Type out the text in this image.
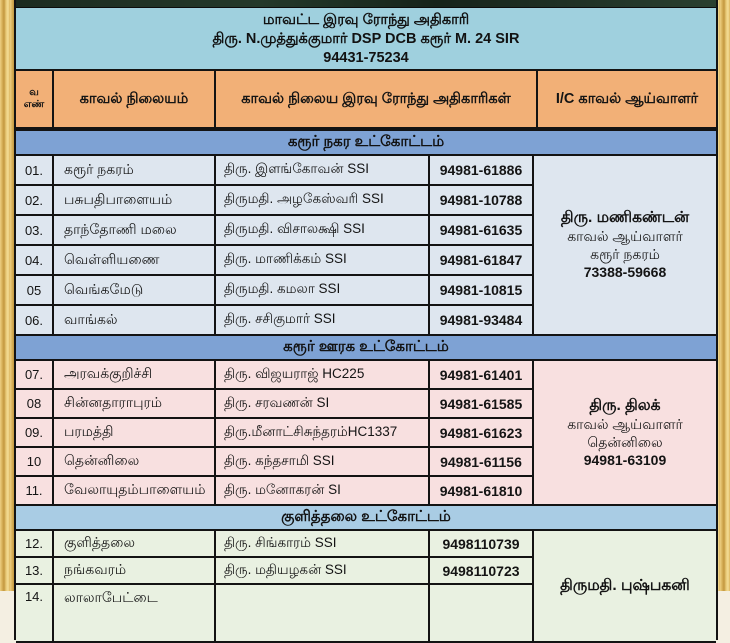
மாவட்ட இரவு ரோந்து அதிகாரி
திரு. N.முத்துக்குமார் DSP DCB கரூர் M. 24 SIR
94431-75234
வ
எண்	காவல் நிலையம்	காவல் நிலைய இரவு ரோந்து அதிகாரிகள்	I/C காவல் ஆய்வாளர்
கரூர் நகர உட்கோட்டம்
01.	கரூர் நகரம்	திரு. இளங்கோவன் SSI	94981-61886
திரு. மணிகண்டன்
காவல் ஆய்வாளர்
கரூர் நகரம்
73388-59668
02.	பசுபதிபாளையம்	திருமதி. அழகேஸ்வரி SSI	94981-10788
03.	தாந்தோணி மலை	திருமதி. விசாலக்ஷி SSI	94981-61635
04.	வெள்ளியணை	திரு. மாணிக்கம் SSI	94981-61847
05	வெங்கமேடு	திருமதி. கமலா SSI	94981-10815
06.	வாங்கல்	திரு. சசிகுமார் SSI	94981-93484
கரூர் ஊரக உட்கோட்டம்
07.	அரவக்குறிச்சி	திரு. விஜயராஜ் HC225	94981-61401
திரு. திலக்
காவல் ஆய்வாளர்
தென்னிலை
94981-63109
08	சின்னதாராபுரம்	திரு. சரவணன் SI	94981-61585
09.	பரமத்தி	திரு.மீனாட்சிசுந்தரம்HC1337	94981-61623
10	தென்னிலை	திரு. கந்தசாமி SSI	94981-61156
11.	வேலாயுதம்பாளையம்	திரு. மனோகரன் SI	94981-61810
குளித்தலை உட்கோட்டம்
12.	குளித்தலை	திரு. சிங்காரம் SSI	9498110739
திருமதி. புஷ்பகனி
13.	நங்கவரம்	திரு. மதியழகன் SSI	9498110723
14.	லாலாபேட்டை
